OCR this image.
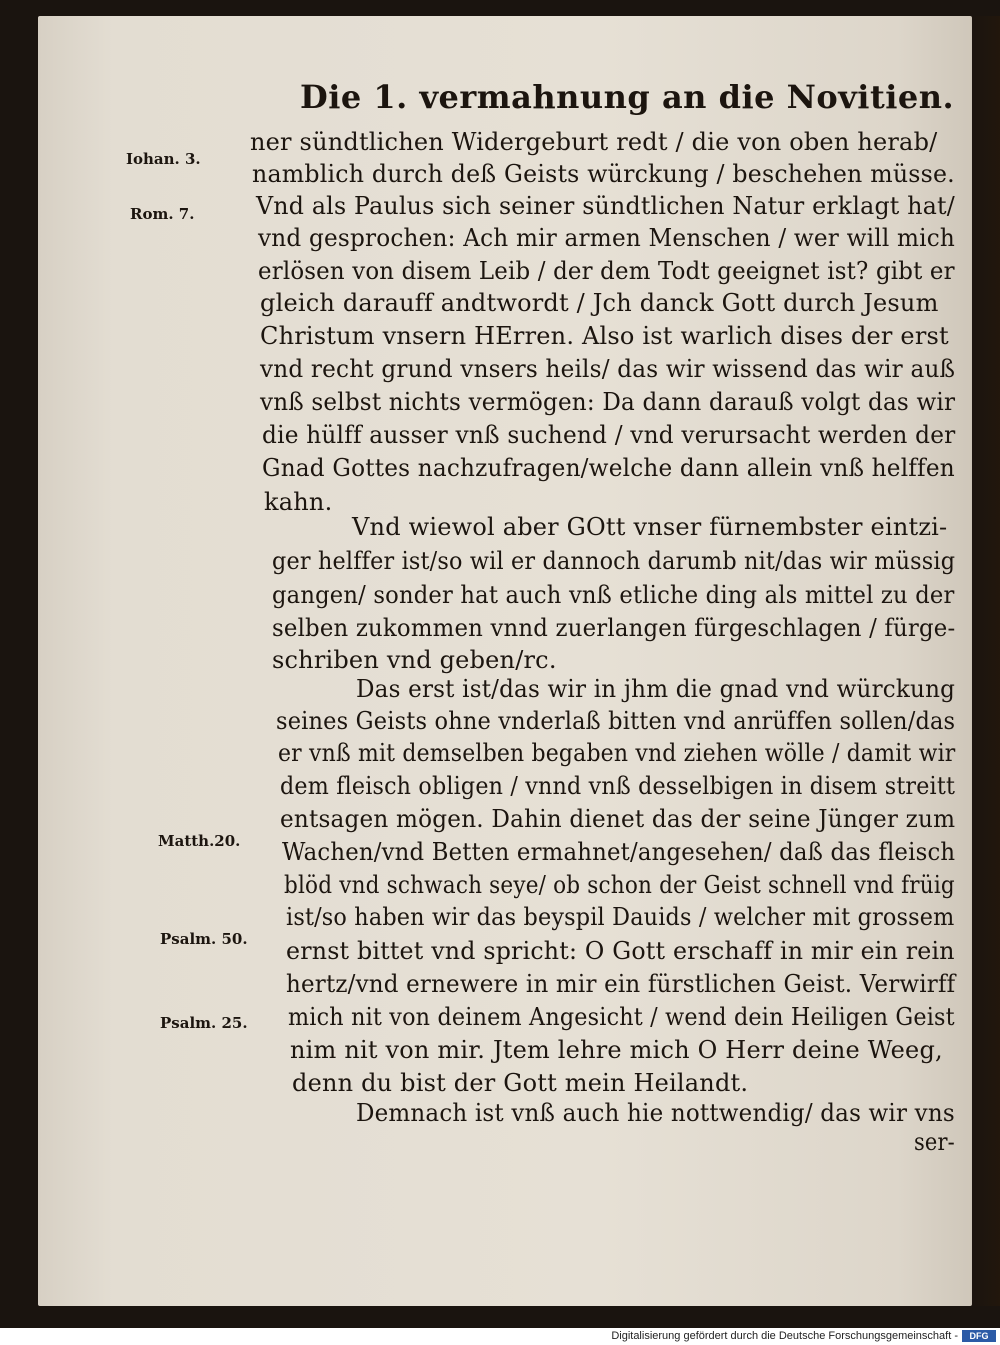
Die 1. vermahnung an die Novitien.
Iohan. 3.
Rom. 7.
Matth.20.
Psalm. 50.
Psalm. 25.
ner sündtlichen Widergeburt redt / die von oben herab/
namblich durch deß Geists würckung / beschehen müsse.
Vnd als Paulus sich seiner sündtlichen Natur erklagt hat/
vnd gesprochen: Ach mir armen Menschen / wer will mich
erlösen von disem Leib / der dem Todt geeignet ist? gibt er
gleich darauff andtwordt / Jch danck Gott durch Jesum
Christum vnsern HErren. Also ist warlich dises der erst
vnd recht grund vnsers heils/ das wir wissend das wir auß
vnß selbst nichts vermögen: Da dann darauß volgt das wir
die hülff ausser vnß suchend / vnd verursacht werden der
Gnad Gottes nachzufragen/welche dann allein vnß helffen
kahn.
Vnd wiewol aber GOtt vnser fürnembster eintzi-
ger helffer ist/so wil er dannoch darumb nit/das wir müssig
gangen/ sonder hat auch vnß etliche ding als mittel zu der
selben zukommen vnnd zuerlangen fürgeschlagen / fürge-
schriben vnd geben/rc.
Das erst ist/das wir in jhm die gnad vnd würckung
seines Geists ohne vnderlaß bitten vnd anrüffen sollen/das
er vnß mit demselben begaben vnd ziehen wölle / damit wir
dem fleisch obligen / vnnd vnß desselbigen in disem streitt
entsagen mögen. Dahin dienet das der seine Jünger zum
Wachen/vnd Betten ermahnet/angesehen/ daß das fleisch
blöd vnd schwach seye/ ob schon der Geist schnell vnd früig
ist/so haben wir das beyspil Dauids / welcher mit grossem
ernst bittet vnd spricht: O Gott erschaff in mir ein rein
hertz/vnd ernewere in mir ein fürstlichen Geist. Verwirff
mich nit von deinem Angesicht / wend dein Heiligen Geist
nim nit von mir. Jtem lehre mich O Herr deine Weeg,
denn du bist der Gott mein Heilandt.
Demnach ist vnß auch hie nottwendig/ das wir vns
ser-
Digitalisierung gefördert durch die Deutsche Forschungsgemeinschaft -	DFG
